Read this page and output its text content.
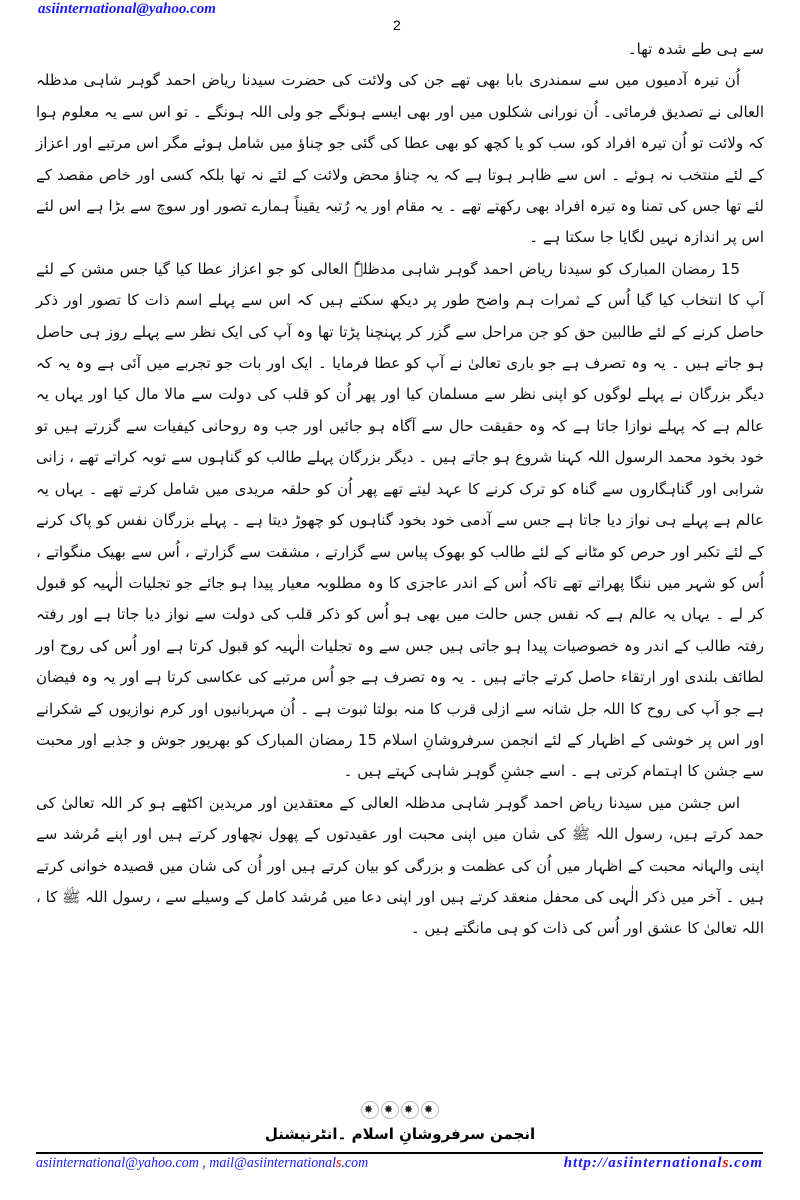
asiinternational@yahoo.com
2

سے ہی طے شدہ تھا۔

اُن تیرہ آدمیوں میں سے سمندری بابا بھی تھے جن کی ولائت کی حضرت سیدنا ریاض احمد گوہر شاہی مدظلہ العالی نے تصدیق فرمائی۔ اُن نورانی شکلوں میں اور بھی ایسے ہونگے جو ولی اللہ ہونگے ۔ تو اس سے یہ معلوم ہوا کہ ولائت تو اُن تیرہ افراد کو، سب کو یا کچھ کو بھی عطا کی گئی جو چناؤ میں شامل ہوئے مگر اس مرتبے اور اعزاز کے لئے منتخب نہ ہوئے ۔ اس سے ظاہر ہوتا ہے کہ یہ چناؤ محض ولائت کے لئے نہ تھا بلکہ کسی اور خاص مقصد کے لئے تھا جس کی تمنا وہ تیرہ افراد بھی رکھتے تھے ۔ یہ مقام اور یہ رُتبہ یقیناً ہمارے تصور اور سوچ سے بڑا ہے اس لئے اس پر اندازہ نہیں لگایا جا سکتا ہے ۔

15 رمضان المبارک کو سیدنا ریاض احمد گوہر شاہی مدظلہٗ العالی کو جو اعزاز عطا کیا گیا جس مشن کے لئے آپ کا انتخاب کیا گیا اُس کے ثمرات ہم واضح طور پر دیکھ سکتے ہیں کہ اس سے پہلے اسم ذات کا تصور اور ذکر حاصل کرنے کے لئے طالبین حق کو جن مراحل سے گزر کر پہنچنا پڑتا تھا وہ آپ کی ایک نظر سے پہلے روز ہی حاصل ہو جاتے ہیں ۔ یہ وہ تصرف ہے جو باری تعالیٰ نے آپ کو عطا فرمایا ۔ ایک اور بات جو تجربے میں آئی ہے وہ یہ کہ دیگر بزرگان نے پہلے لوگوں کو اپنی نظر سے مسلمان کیا اور پھر اُن کو قلب کی دولت سے مالا مال کیا اور یہاں یہ عالم ہے کہ پہلے نوازا جاتا ہے کہ وہ حقیقت حال سے آگاہ ہو جائیں اور جب وہ روحانی کیفیات سے گزرتے ہیں تو خود بخود محمد الرسول اللہ کہنا شروع ہو جاتے ہیں ۔ دیگر بزرگان پہلے طالب کو گناہوں سے توبہ کراتے تھے ، زانی شرابی اور گناہگاروں سے گناہ کو ترک کرنے کا عہد لیتے تھے پھر اُن کو حلقہ مریدی میں شامل کرتے تھے ۔ یہاں یہ عالم ہے پہلے ہی نواز دیا جاتا ہے جس سے آدمی خود بخود گناہوں کو چھوڑ دیتا ہے ۔ پہلے بزرگان نفس کو پاک کرنے کے لئے تکبر اور حرص کو مٹانے کے لئے طالب کو بھوک پیاس سے گزارتے ، مشقت سے گزارتے ، اُس سے بھیک منگواتے ، اُس کو شہر میں ننگا پھراتے تھے تاکہ اُس کے اندر عاجزی کا وہ مطلوبہ معیار پیدا ہو جائے جو تجلیات الٰہیہ کو قبول کر لے ۔ یہاں یہ عالم ہے کہ نفس جس حالت میں بھی ہو اُس کو ذکر قلب کی دولت سے نواز دیا جاتا ہے اور رفتہ رفتہ طالب کے اندر وہ خصوصیات پیدا ہو جاتی ہیں جس سے وہ تجلیات الٰہیہ کو قبول کرتا ہے اور اُس کی روح اور لطائف بلندی اور ارتقاء حاصل کرتے جاتے ہیں ۔ یہ وہ تصرف ہے جو اُس مرتبے کی عکاسی کرتا ہے اور یہ وہ فیضان ہے جو آپ کی روح کا اللہ جل شانہ سے ازلی قرب کا منہ بولتا ثبوت ہے ۔ اُن مہربانیوں اور کرم نوازیوں کے شکرانے اور اس پر خوشی کے اظہار کے لئے انجمن سرفروشانِ اسلام 15 رمضان المبارک کو بھرپور جوش و جذبے اور محبت سے جشن کا اہتمام کرتی ہے ۔ اسے جشنِ گوہر شاہی کہتے ہیں ۔

اس جشن میں سیدنا ریاض احمد گوہر شاہی مدظلہ العالی کے معتقدین اور مریدین اکٹھے ہو کر اللہ تعالیٰ کی حمد کرتے ہیں، رسول اللہ ﷺ کی شان میں اپنی محبت اور عقیدتوں کے پھول نچھاور کرتے ہیں اور اپنے مُرشد سے اپنی والہانہ محبت کے اظہار میں اُن کی عظمت و بزرگی کو بیان کرتے ہیں اور اُن کی شان میں قصیدہ خوانی کرتے ہیں ۔ آخر میں ذکر الٰہی کی محفل منعقد کرتے ہیں اور اپنی دعا میں مُرشد کامل کے وسیلے سے ، رسول اللہ ﷺ کا ، اللہ تعالیٰ کا عشق اور اُس کی ذات کو ہی مانگتے ہیں ۔

✸ ✸ ✸ ✸
انجمن سرفروشانِ اسلام ۔انٹرنیشنل
asiinternational@yahoo.com , mail@asiinternationals.com	http://asiinternationals.com
